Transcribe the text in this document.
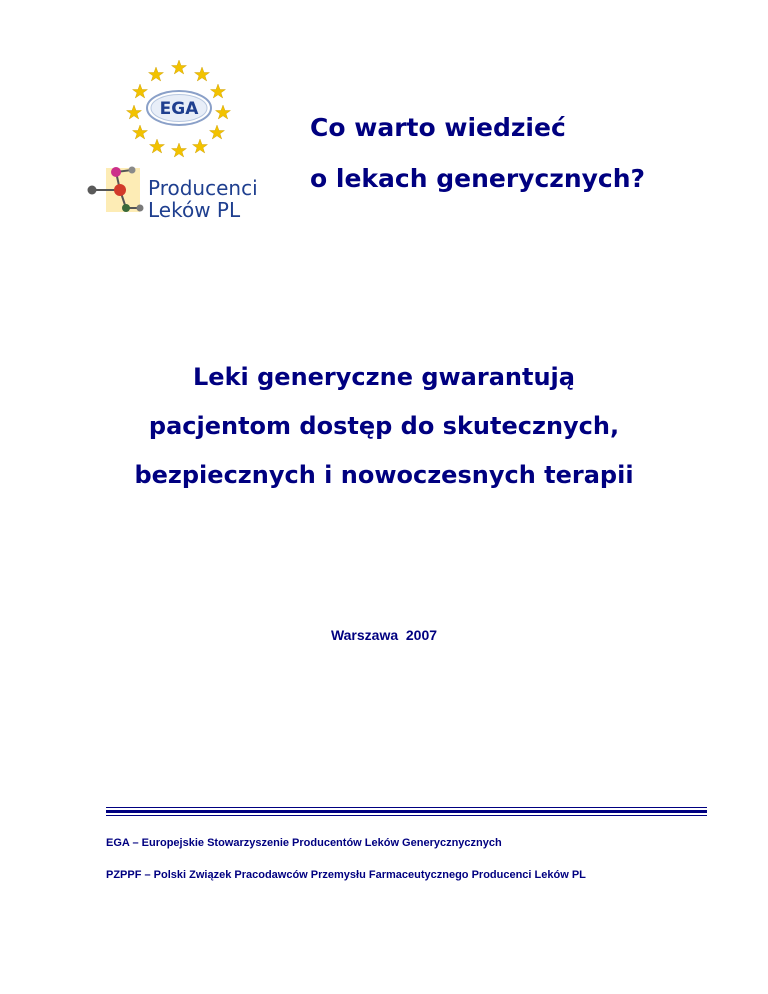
EGA
Producenci
Leków PL
Co warto wiedzieć
o lekach generycznych?
Leki generyczne gwarantują
pacjentom dostęp do skutecznych,
bezpiecznych i nowoczesnych terapii
Warszawa  2007
EGA – Europejskie Stowarzyszenie Producentów Leków Generycznycznych
PZPPF – Polski Związek Pracodawców Przemysłu Farmaceutycznego Producenci Leków PL
